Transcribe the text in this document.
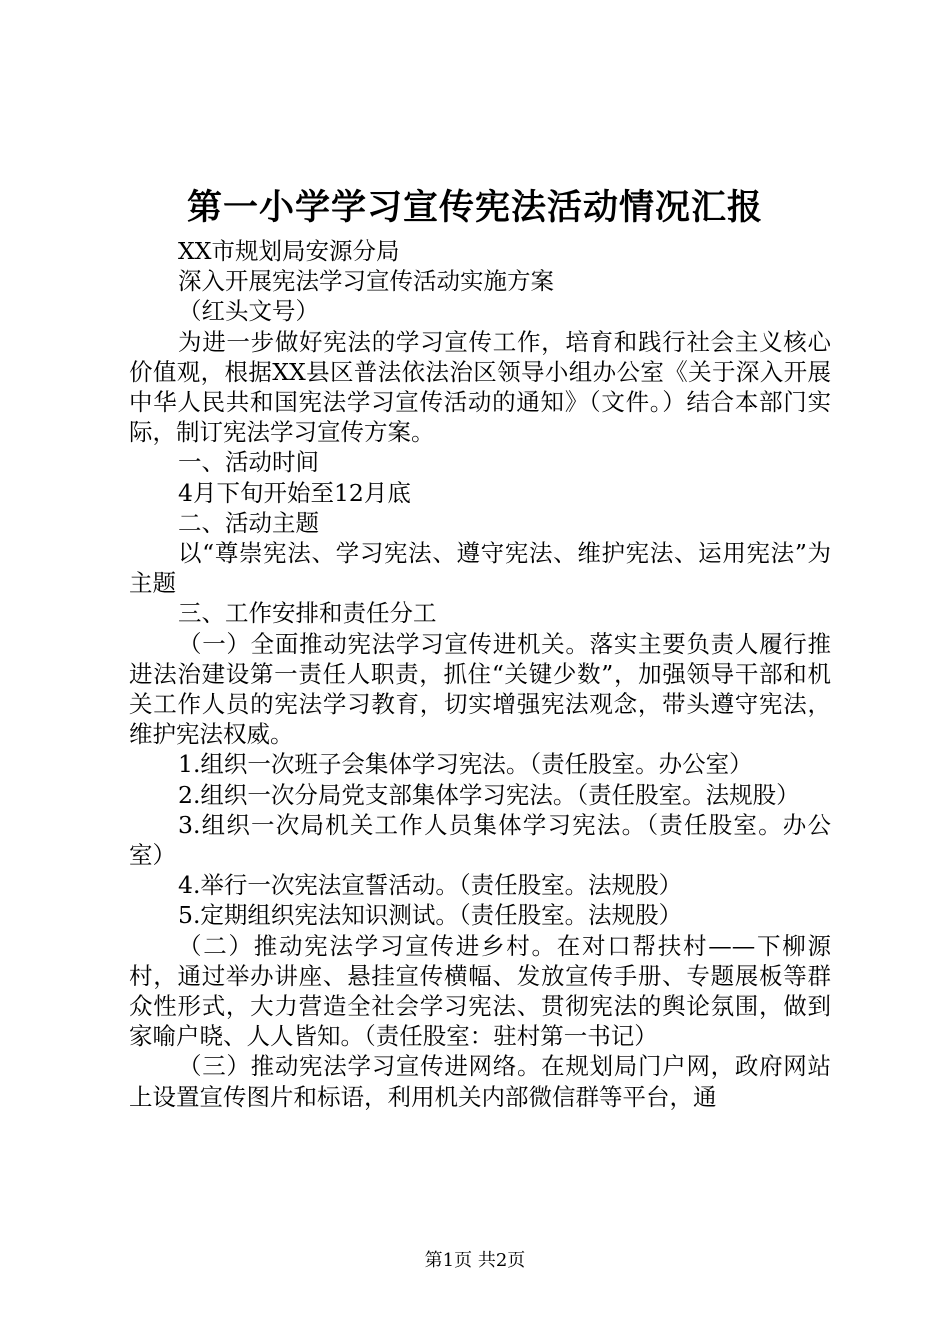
第一小学学习宣传宪法活动情况汇报

XX市规划局安源分局

深入开展宪法学习宣传活动实施方案

（红头文号）

为进一步做好宪法的学习宣传工作，培育和践行社会主义核心价值观，根据XX县区普法依法治区领导小组办公室《关于深入开展中华人民共和国宪法学习宣传活动的通知》（文件。）结合本部门实际，制订宪法学习宣传方案。

一、活动时间

4月下旬开始至12月底

二、活动主题

以“尊崇宪法、学习宪法、遵守宪法、维护宪法、运用宪法”为主题

三、工作安排和责任分工

（一）全面推动宪法学习宣传进机关。落实主要负责人履行推进法治建设第一责任人职责，抓住“关键少数”，加强领导干部和机关工作人员的宪法学习教育，切实增强宪法观念，带头遵守宪法，维护宪法权威。

1.组织一次班子会集体学习宪法。（责任股室。办公室）

2.组织一次分局党支部集体学习宪法。（责任股室。法规股）

3.组织一次局机关工作人员集体学习宪法。（责任股室。办公室）

4.举行一次宪法宣誓活动。（责任股室。法规股）

5.定期组织宪法知识测试。（责任股室。法规股）

（二）推动宪法学习宣传进乡村。在对口帮扶村——下柳源村，通过举办讲座、悬挂宣传横幅、发放宣传手册、专题展板等群众性形式，大力营造全社会学习宪法、贯彻宪法的舆论氛围，做到家喻户晓、人人皆知。（责任股室：驻村第一书记）

（三）推动宪法学习宣传进网络。在规划局门户网，政府网站上设置宣传图片和标语，利用机关内部微信群等平台，通

第1页 共2页
